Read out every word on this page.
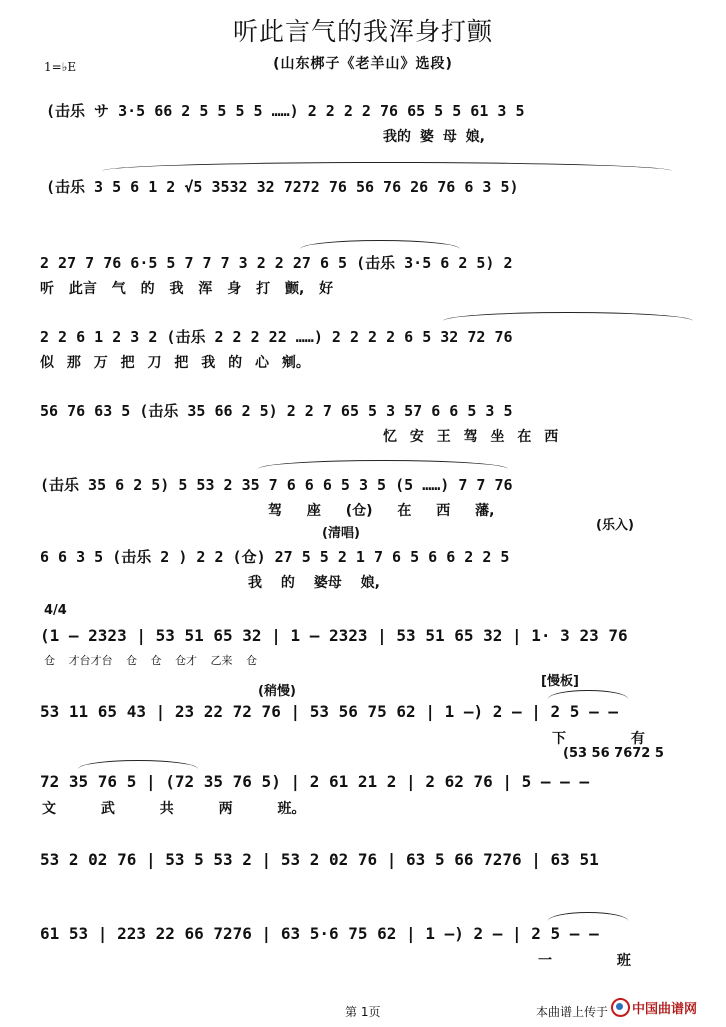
听此言气的我浑身打颤
(山东梆子《老羊山》选段)
1=♭E
(击乐 サ 3·5 66 2 5 5 5 5 ……) 2 2 2 2 76 65 5 5 61 3 5
我的 婆 母 娘,
(击乐 3 5 6 1 2 √5 3532 32 7272 76 56 76 26 76 6 3 5)
2 27 7 76 6·5 5 7 7 7 3 2 2 27 6 5 (击乐 3·5 6 2 5) 2
听 此言 气 的 我 浑 身 打 颤, 好
2 2 6 1 2 3 2 (击乐 2 2 2 22 ……) 2 2 2 2 6 5 32 72 76
似 那 万 把 刀 把 我 的 心 剜。
56 76 63 5 (击乐 35 66 2 5) 2 2 7 65 5 3 57 6 6 5 3 5
忆 安 王 驾 坐 在 西
(击乐 35 6 2 5) 5 53 2 35 7 6 6 6 5 3 5 (5 ……) 7 7 76
驾 座 (仓) 在 西 藩,
(清唱)
(乐入)
6 6 3 5 (击乐 2 ) 2 2 (仓) 27 5 5 2 1 7 6 5 6 6 2 2 5
我 的 婆母 娘,
4/4
(1 — 2323 | 53 51 65 32 | 1 — 2323 | 53 51 65 32 | 1· 3 23 76
仓 才台才台 仓 仓 仓才 乙来 仓
(稍慢)
[慢板]
53 11 65 43 | 23 22 72 76 | 53 56 75 62 | 1 —) 2 — | 2 5 — —
下 有
(53 56 7672 5
72 35 76 5 | (72 35 76 5) | 2 61 21 2 | 2 62 76 | 5 — — —
文 武 共 两 班。
53 2 02 76 | 53 5 53 2 | 53 2 02 76 | 63 5 66 7276 | 63 51
61 53 | 223 22 66 7276 | 63 5·6 75 62 | 1 —) 2 — | 2 5 — —
一 班
第 1页	本曲谱上传于	中国曲谱网
